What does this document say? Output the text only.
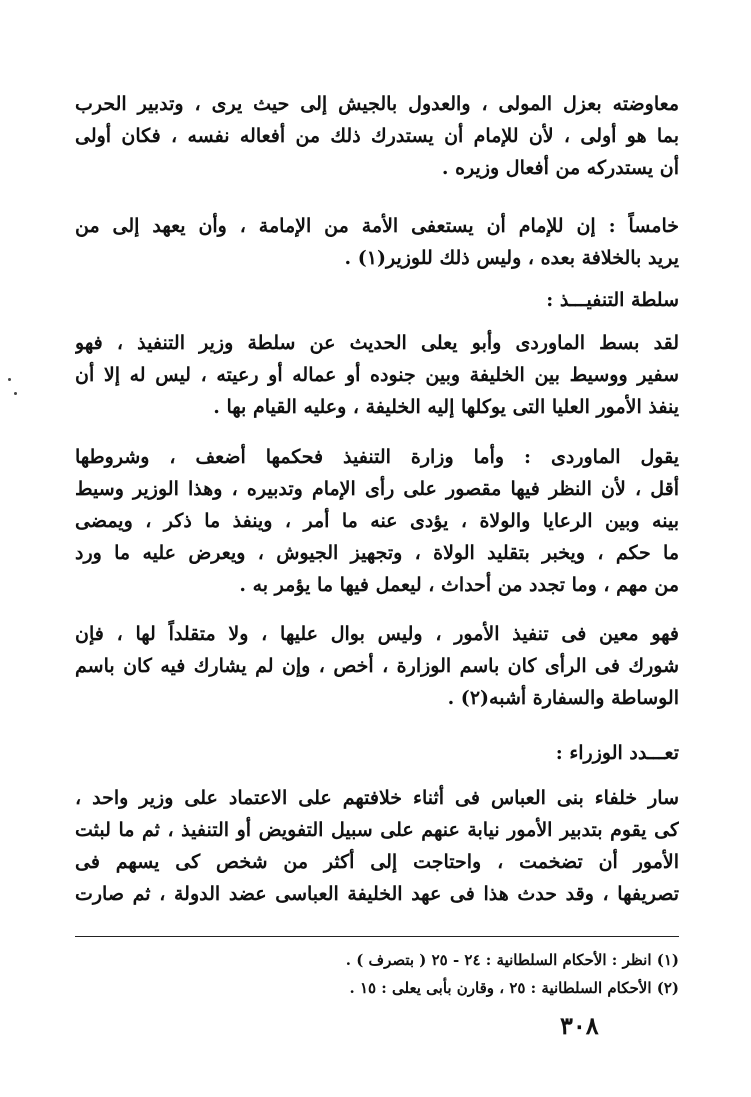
معاوضته بعزل المولى ، والعدول بالجيش إلى حيث يرى ، وتدبير الحرب
بما هو أولى ، لأن للإمام أن يستدرك ذلك من أفعاله نفسه ، فكان أولى
أن يستدركه من أفعال وزيره .
خامساً : إن للإمام أن يستعفى الأمة من الإمامة ، وأن يعهد إلى من
يريد بالخلافة بعده ، وليس ذلك للوزير(١) .
سلطة التنفيـــذ :
لقد بسط الماوردى وأبو يعلى الحديث عن سلطة وزير التنفيذ ، فهو
سفير ووسيط بين الخليفة وبين جنوده أو عماله أو رعيته ، ليس له إلا أن
ينفذ الأمور العليا التى يوكلها إليه الخليفة ، وعليه القيام بها .
يقول الماوردى : وأما وزارة التنفيذ فحكمها أضعف ، وشروطها
أقل ، لأن النظر فيها مقصور على رأى الإمام وتدبيره ، وهذا الوزير وسيط
بينه وبين الرعايا والولاة ، يؤدى عنه ما أمر ، وينفذ ما ذكر ، ويمضى
ما حكم ، ويخبر بتقليد الولاة ، وتجهيز الجيوش ، ويعرض عليه ما ورد
من مهم ، وما تجدد من أحداث ، ليعمل فيها ما يؤمر به .
فهو معين فى تنفيذ الأمور ، وليس بوال عليها ، ولا متقلداً لها ، فإن
شورك فى الرأى كان باسم الوزارة ، أخص ، وإن لم يشارك فيه كان باسم
الوساطة والسفارة أشبه(٢) .
تعـــدد الوزراء :
سار خلفاء بنى العباس فى أثناء خلافتهم على الاعتماد على وزير واحد ،
كى يقوم بتدبير الأمور نيابة عنهم على سبيل التفويض أو التنفيذ ، ثم ما لبثت
الأمور أن تضخمت ، واحتاجت إلى أكثر من شخص كى يسهم فى
تصريفها ، وقد حدث هذا فى عهد الخليفة العباسى عضد الدولة ، ثم صارت
(١) انظر : الأحكام السلطانية : ٢٤ - ٢٥ ( بتصرف ) .
(٢) الأحكام السلطانية : ٢٥ ، وقارن بأبى يعلى : ١٥ .
٣٠٨
